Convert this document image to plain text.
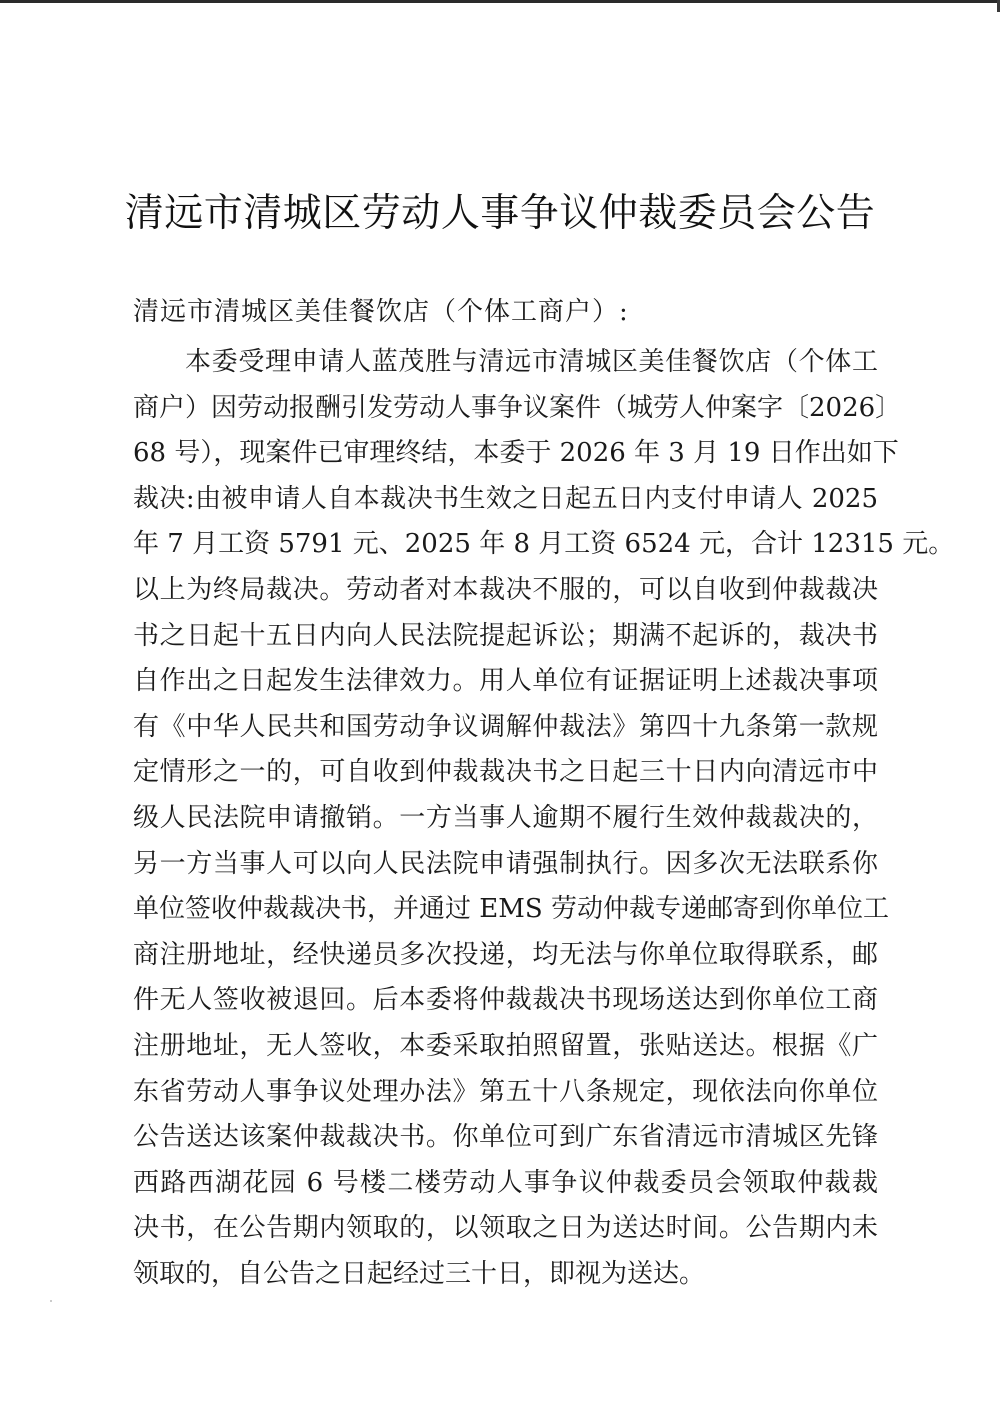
清远市清城区劳动人事争议仲裁委员会公告
清远市清城区美佳餐饮店（个体工商户）:
本委受理申请人蓝茂胜与清远市清城区美佳餐饮店（个体工
商户）因劳动报酬引发劳动人事争议案件（城劳人仲案字〔2026〕
68 号），现案件已审理终结，本委于 2026 年 3 月 19 日作出如下
裁决:由被申请人自本裁决书生效之日起五日内支付申请人 2025
年 7 月工资 5791 元、2025 年 8 月工资 6524 元，合计 12315 元。
以上为终局裁决。劳动者对本裁决不服的，可以自收到仲裁裁决
书之日起十五日内向人民法院提起诉讼；期满不起诉的，裁决书
自作出之日起发生法律效力。用人单位有证据证明上述裁决事项
有《中华人民共和国劳动争议调解仲裁法》第四十九条第一款规
定情形之一的，可自收到仲裁裁决书之日起三十日内向清远市中
级人民法院申请撤销。一方当事人逾期不履行生效仲裁裁决的，
另一方当事人可以向人民法院申请强制执行。因多次无法联系你
单位签收仲裁裁决书，并通过 EMS 劳动仲裁专递邮寄到你单位工
商注册地址，经快递员多次投递，均无法与你单位取得联系，邮
件无人签收被退回。后本委将仲裁裁决书现场送达到你单位工商
注册地址，无人签收，本委采取拍照留置，张贴送达。根据《广
东省劳动人事争议处理办法》第五十八条规定，现依法向你单位
公告送达该案仲裁裁决书。你单位可到广东省清远市清城区先锋
西路西湖花园 6 号楼二楼劳动人事争议仲裁委员会领取仲裁裁
决书，在公告期内领取的，以领取之日为送达时间。公告期内未
领取的，自公告之日起经过三十日，即视为送达。
